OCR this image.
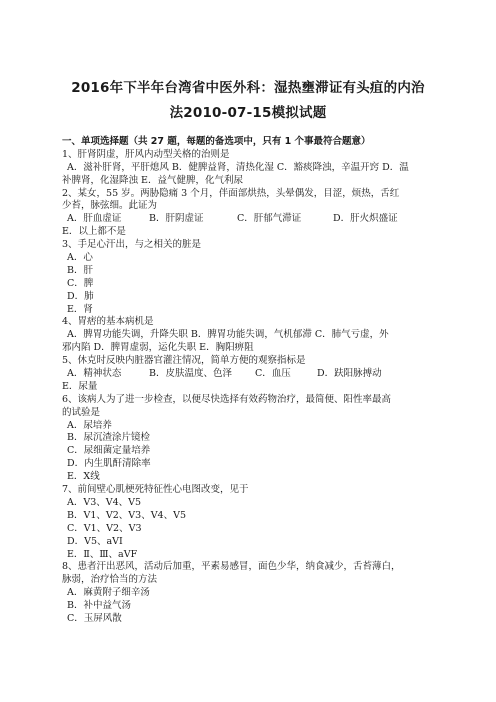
2016年下半年台湾省中医外科：湿热壅滞证有头疽的内治
法2010-07-15模拟试题
一、单项选择题（共 27 题，每题的备选项中，只有 1 个事最符合题意）
1、肝肾阴虚，肝风内动型关格的治则是
A．滋补肝肾，平肝熄风 B．健脾益肾，清热化湿 C．豁痰降浊，辛温开窍 D．温
补脾肾，化湿降浊 E．益气健脾，化气利尿
2、某女，55 岁。两胁隐痛 3 个月，伴面部烘热，头晕偶发，目涩，烦热，舌红
少苔，脉弦细。此证为
A．肝血虚证	B．肝阴虚证	C．肝郁气滞证	D．肝火炽盛证
E．以上都不是
3、手足心汗出，与之相关的脏是
A．心
B．肝
C．脾
D．肺
E．肾
4、胃痞的基本病机是
A．脾胃功能失调，升降失职 B．脾胃功能失调，气机郁滞 C．肺气亏虚，外
邪内陷 D．脾胃虚弱，运化失职 E．胸阳痹阻
5、休克时反映内脏器官灌注情况，简单方便的观察指标是
A．精神状态	B．皮肤温度、色泽	C．血压	D．趺阳脉搏动
E．尿量
6、该病人为了进一步检查，以便尽快选择有效药物治疗，最简便、阳性率最高
的试验是
A．尿培养
B．尿沉渣涂片镜检
C．尿细菌定量培养
D．内生肌酐清除率
E．X线
7、前间壁心肌梗死特征性心电图改变，见于
A．V3、V4、V5
B．V1、V2、V3、V4、V5
C．V1、V2、V3
D．V5、aVI
E．Ⅱ、Ⅲ、aVF
8、患者汗出恶风，活动后加重，平素易感冒，面色少华，纳食减少，舌苔薄白，
脉弱，治疗恰当的方法
A．麻黄附子细辛汤
B．补中益气汤
C．玉屏风散
